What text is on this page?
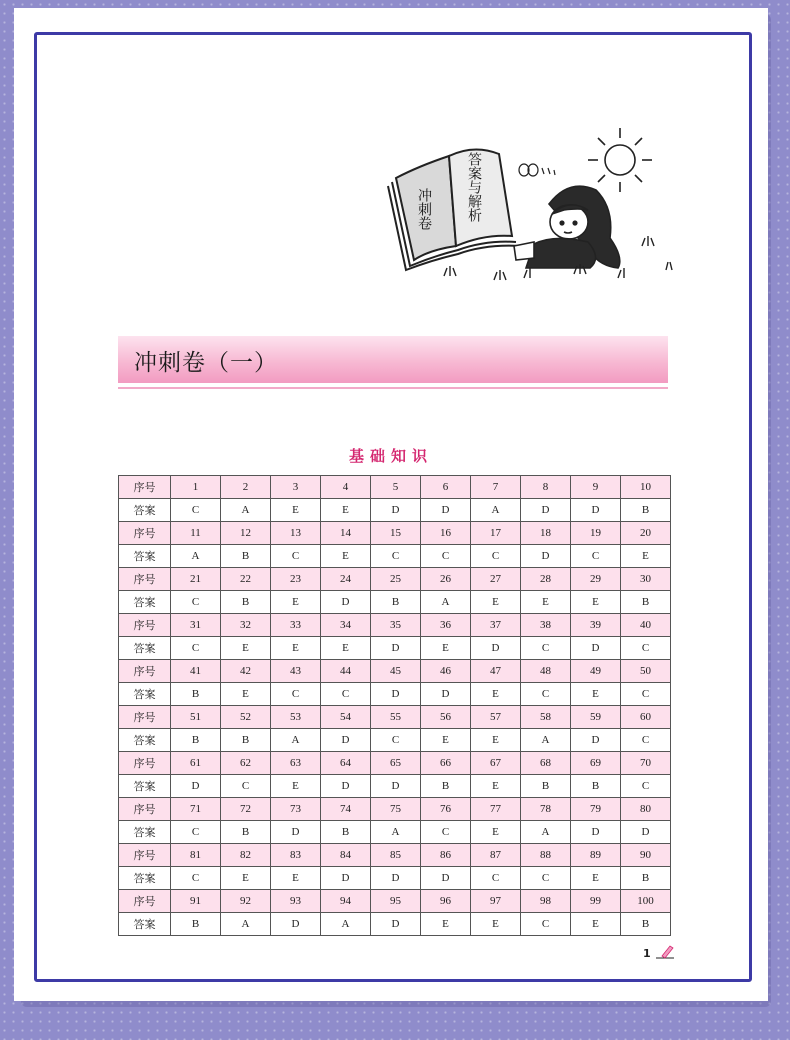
冲刺卷 答案与解析
冲刺卷（一）
基础知识
序号	1	2	3	4	5	6	7	8	9	10
答案	C	A	E	E	D	D	A	D	D	B
序号	11	12	13	14	15	16	17	18	19	20
答案	A	B	C	E	C	C	C	D	C	E
序号	21	22	23	24	25	26	27	28	29	30
答案	C	B	E	D	B	A	E	E	E	B
序号	31	32	33	34	35	36	37	38	39	40
答案	C	E	E	E	D	E	D	C	D	C
序号	41	42	43	44	45	46	47	48	49	50
答案	B	E	C	C	D	D	E	C	E	C
序号	51	52	53	54	55	56	57	58	59	60
答案	B	B	A	D	C	E	E	A	D	C
序号	61	62	63	64	65	66	67	68	69	70
答案	D	C	E	D	D	B	E	B	B	C
序号	71	72	73	74	75	76	77	78	79	80
答案	C	B	D	B	A	C	E	A	D	D
序号	81	82	83	84	85	86	87	88	89	90
答案	C	E	E	D	D	D	C	C	E	B
序号	91	92	93	94	95	96	97	98	99	100
答案	B	A	D	A	D	E	E	C	E	B
1
